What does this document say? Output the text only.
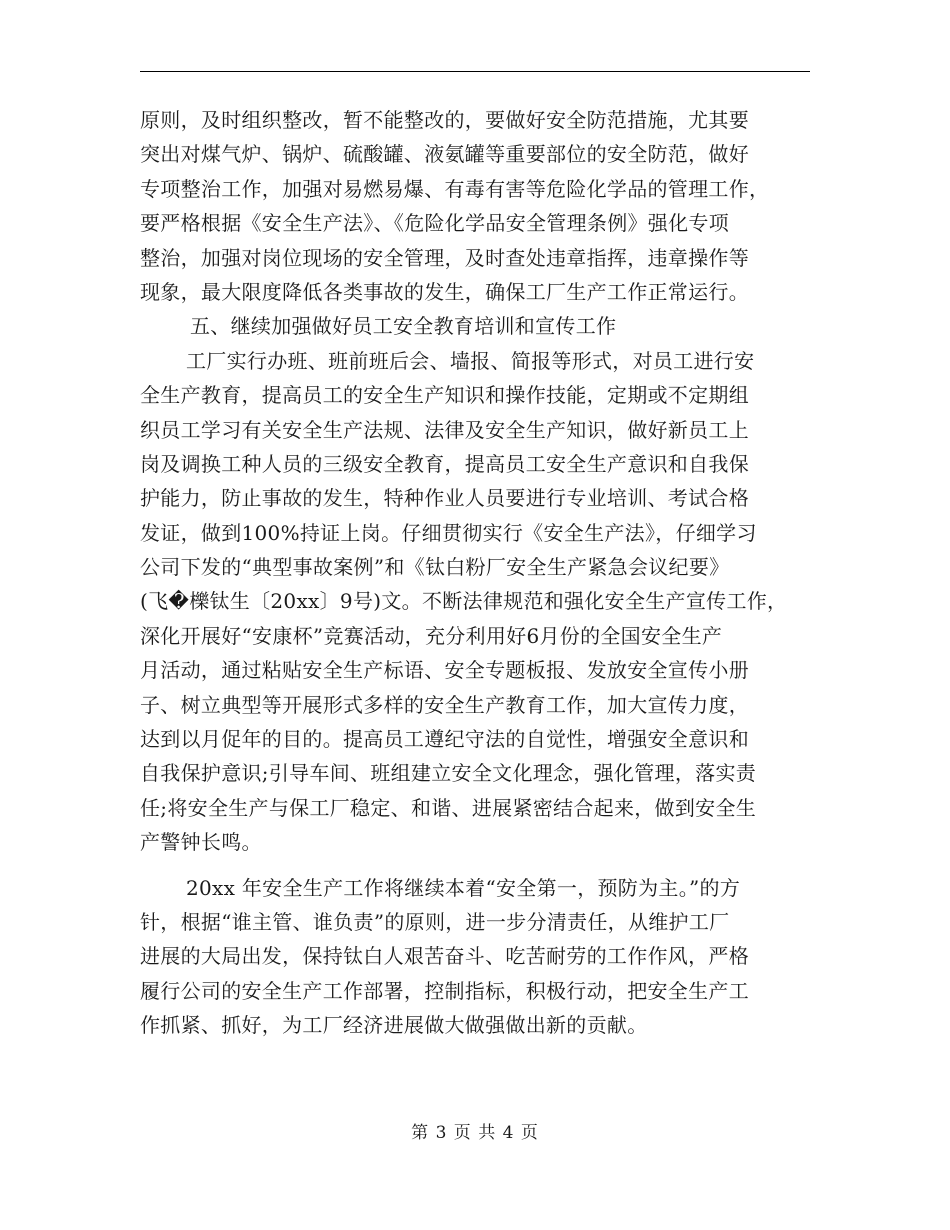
原则，及时组织整改，暂不能整改的，要做好安全防范措施，尤其要
突出对煤气炉、锅炉、硫酸罐、液氨罐等重要部位的安全防范，做好
专项整治工作，加强对易燃易爆、有毒有害等危险化学品的管理工作，
要严格根据《安全生产法》、《危险化学品安全管理条例》强化专项
整治，加强对岗位现场的安全管理，及时查处违章指挥，违章操作等
现象，最大限度降低各类事故的发生，确保工厂生产工作正常运行。
五、继续加强做好员工安全教育培训和宣传工作
工厂实行办班、班前班后会、墙报、简报等形式，对员工进行安
全生产教育，提高员工的安全生产知识和操作技能，定期或不定期组
织员工学习有关安全生产法规、法律及安全生产知识，做好新员工上
岗及调换工种人员的三级安全教育，提高员工安全生产意识和自我保
护能力，防止事故的发生，特种作业人员要进行专业培训、考试合格
发证，做到100%持证上岗。仔细贯彻实行《安全生产法》，仔细学习
公司下发的“典型事故案例”和《钛白粉厂安全生产紧急会议纪要》
(飞�櫟钛生〔20xx〕9号)文。不断法律规范和强化安全生产宣传工作，
深化开展好“安康杯”竞赛活动，充分利用好6月份的全国安全生产
月活动，通过粘贴安全生产标语、安全专题板报、发放安全宣传小册
子、树立典型等开展形式多样的安全生产教育工作，加大宣传力度，
达到以月促年的目的。提高员工遵纪守法的自觉性，增强安全意识和
自我保护意识;引导车间、班组建立安全文化理念，强化管理，落实责
任;将安全生产与保工厂稳定、和谐、进展紧密结合起来，做到安全生
产警钟长鸣。
20xx 年安全生产工作将继续本着“安全第一，预防为主。”的方
针，根据“谁主管、谁负责”的原则，进一步分清责任，从维护工厂
进展的大局出发，保持钛白人艰苦奋斗、吃苦耐劳的工作作风，严格
履行公司的安全生产工作部署，控制指标，积极行动，把安全生产工
作抓紧、抓好，为工厂经济进展做大做强做出新的贡献。
第 3 页 共 4 页
